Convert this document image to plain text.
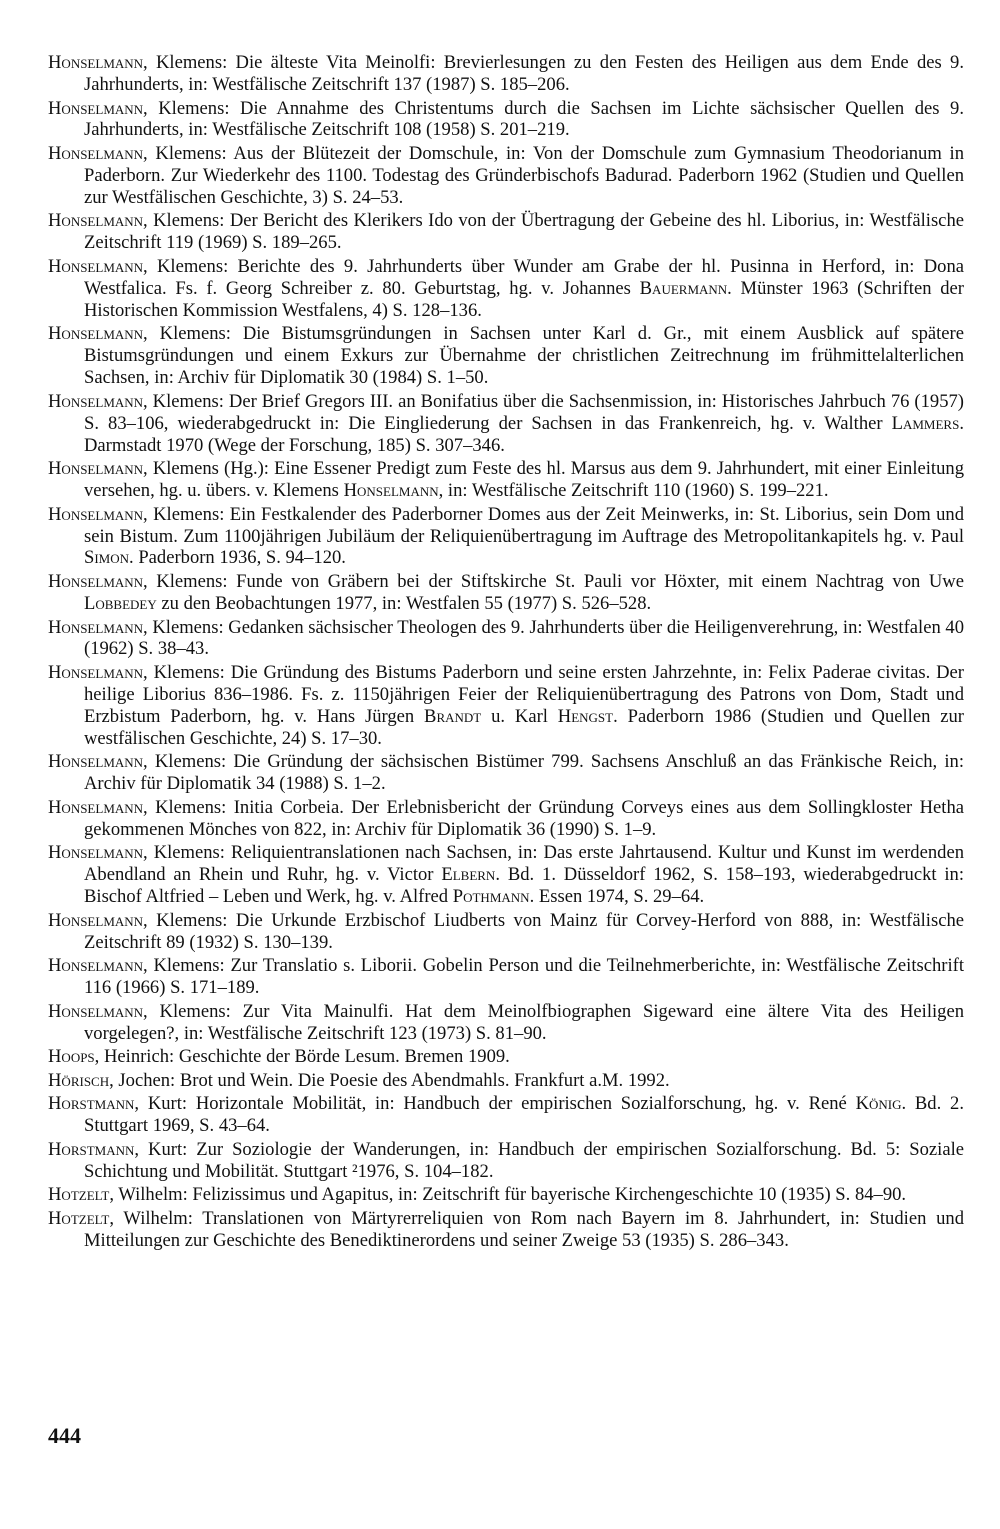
Honselmann, Klemens: Die älteste Vita Meinolfi: Brevierlesungen zu den Festen des Heiligen aus dem Ende des 9. Jahrhunderts, in: Westfälische Zeitschrift 137 (1987) S. 185–206.

Honselmann, Klemens: Die Annahme des Christentums durch die Sachsen im Lichte sächsischer Quellen des 9. Jahrhunderts, in: Westfälische Zeitschrift 108 (1958) S. 201–219.

Honselmann, Klemens: Aus der Blütezeit der Domschule, in: Von der Domschule zum Gymnasium Theodorianum in Paderborn. Zur Wiederkehr des 1100. Todestag des Gründerbischofs Badurad. Paderborn 1962 (Studien und Quellen zur Westfälischen Geschichte, 3) S. 24–53.

Honselmann, Klemens: Der Bericht des Klerikers Ido von der Übertragung der Gebeine des hl. Liborius, in: Westfälische Zeitschrift 119 (1969) S. 189–265.

Honselmann, Klemens: Berichte des 9. Jahrhunderts über Wunder am Grabe der hl. Pusinna in Herford, in: Dona Westfalica. Fs. f. Georg Schreiber z. 80. Geburtstag, hg. v. Johannes Bauermann. Münster 1963 (Schriften der Historischen Kommission Westfalens, 4) S. 128–136.

Honselmann, Klemens: Die Bistumsgründungen in Sachsen unter Karl d. Gr., mit einem Ausblick auf spätere Bistumsgründungen und einem Exkurs zur Übernahme der christlichen Zeitrechnung im frühmittelalterlichen Sachsen, in: Archiv für Diplomatik 30 (1984) S. 1–50.

Honselmann, Klemens: Der Brief Gregors III. an Bonifatius über die Sachsenmission, in: Historisches Jahrbuch 76 (1957) S. 83–106, wiederabgedruckt in: Die Eingliederung der Sachsen in das Frankenreich, hg. v. Walther Lammers. Darmstadt 1970 (Wege der Forschung, 185) S. 307–346.

Honselmann, Klemens (Hg.): Eine Essener Predigt zum Feste des hl. Marsus aus dem 9. Jahrhundert, mit einer Einleitung versehen, hg. u. übers. v. Klemens Honselmann, in: Westfälische Zeitschrift 110 (1960) S. 199–221.

Honselmann, Klemens: Ein Festkalender des Paderborner Domes aus der Zeit Meinwerks, in: St. Liborius, sein Dom und sein Bistum. Zum 1100jährigen Jubiläum der Reliquienübertragung im Auftrage des Metropolitankapitels hg. v. Paul Simon. Paderborn 1936, S. 94–120.

Honselmann, Klemens: Funde von Gräbern bei der Stiftskirche St. Pauli vor Höxter, mit einem Nachtrag von Uwe Lobbedey zu den Beobachtungen 1977, in: Westfalen 55 (1977) S. 526–528.

Honselmann, Klemens: Gedanken sächsischer Theologen des 9. Jahrhunderts über die Heiligenverehrung, in: Westfalen 40 (1962) S. 38–43.

Honselmann, Klemens: Die Gründung des Bistums Paderborn und seine ersten Jahrzehnte, in: Felix Paderae civitas. Der heilige Liborius 836–1986. Fs. z. 1150jährigen Feier der Reliquienübertragung des Patrons von Dom, Stadt und Erzbistum Paderborn, hg. v. Hans Jürgen Brandt u. Karl Hengst. Paderborn 1986 (Studien und Quellen zur westfälischen Geschichte, 24) S. 17–30.

Honselmann, Klemens: Die Gründung der sächsischen Bistümer 799. Sachsens Anschluß an das Fränkische Reich, in: Archiv für Diplomatik 34 (1988) S. 1–2.

Honselmann, Klemens: Initia Corbeia. Der Erlebnisbericht der Gründung Corveys eines aus dem Sollingkloster Hetha gekommenen Mönches von 822, in: Archiv für Diplomatik 36 (1990) S. 1–9.

Honselmann, Klemens: Reliquientranslationen nach Sachsen, in: Das erste Jahrtausend. Kultur und Kunst im werdenden Abendland an Rhein und Ruhr, hg. v. Victor Elbern. Bd. 1. Düsseldorf 1962, S. 158–193, wiederabgedruckt in: Bischof Altfried – Leben und Werk, hg. v. Alfred Pothmann. Essen 1974, S. 29–64.

Honselmann, Klemens: Die Urkunde Erzbischof Liudberts von Mainz für Corvey-Herford von 888, in: Westfälische Zeitschrift 89 (1932) S. 130–139.

Honselmann, Klemens: Zur Translatio s. Liborii. Gobelin Person und die Teilnehmerberichte, in: Westfälische Zeitschrift 116 (1966) S. 171–189.

Honselmann, Klemens: Zur Vita Mainulfi. Hat dem Meinolfbiographen Sigeward eine ältere Vita des Heiligen vorgelegen?, in: Westfälische Zeitschrift 123 (1973) S. 81–90.

Hoops, Heinrich: Geschichte der Börde Lesum. Bremen 1909.

Hörisch, Jochen: Brot und Wein. Die Poesie des Abendmahls. Frankfurt a.M. 1992.

Horstmann, Kurt: Horizontale Mobilität, in: Handbuch der empirischen Sozialforschung, hg. v. René König. Bd. 2. Stuttgart 1969, S. 43–64.

Horstmann, Kurt: Zur Soziologie der Wanderungen, in: Handbuch der empirischen Sozialforschung. Bd. 5: Soziale Schichtung und Mobilität. Stuttgart ²1976, S. 104–182.

Hotzelt, Wilhelm: Felizissimus und Agapitus, in: Zeitschrift für bayerische Kirchengeschichte 10 (1935) S. 84–90.

Hotzelt, Wilhelm: Translationen von Märtyrerreliquien von Rom nach Bayern im 8. Jahrhundert, in: Studien und Mitteilungen zur Geschichte des Benediktinerordens und seiner Zweige 53 (1935) S. 286–343.

444
